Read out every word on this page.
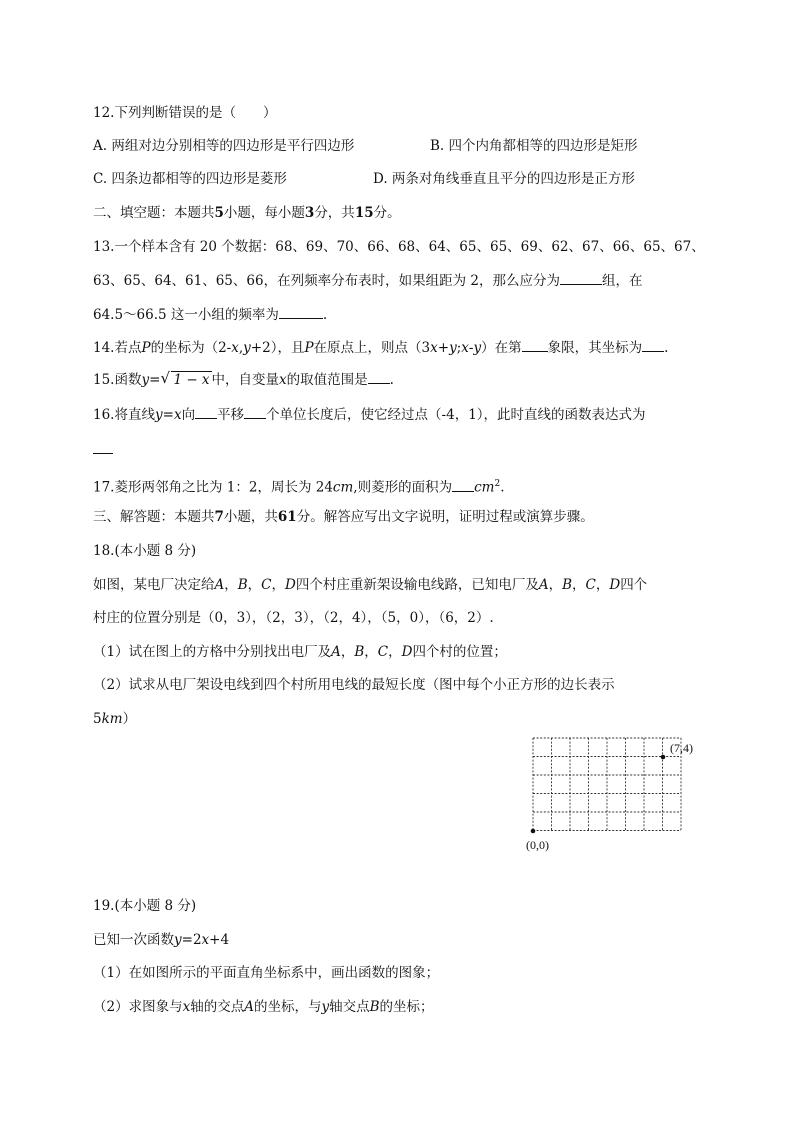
12.下列判断错误的是（　　）
A. 两组对边分别相等的四边形是平行四边形	B. 四个内角都相等的四边形是矩形
C. 四条边都相等的四边形是菱形	D. 两条对角线垂直且平分的四边形是正方形
二、填空题：本题共5小题，每小题3分，共15分。
13.一个样本含有 20 个数据：68、69、70、66、68、64、65、65、69、62、67、66、65、67、
63、65、64、61、65、66，在列频率分布表时，如果组距为 2，那么应分为	组，在
64.5～66.5 这一小组的频率为	.
14.若点P的坐标为（2-x,y+2），且P在原点上，则点（3x+y;x-y）在第 象限，其坐标为 .
15.函数y= √ 1 − x 中，自变量x的取值范围是 .
16.将直线y=x向 平移 个单位长度后，使它经过点（-4，1），此时直线的函数表达式为
17.菱形两邻角之比为 1：2，周长为 24cm,则菱形的面积为 $cm^2$.
三、解答题：本题共7小题，共61分。解答应写出文字说明，证明过程或演算步骤。
18.(本小题 8 分)
如图，某电厂决定给A，B，C，D四个村庄重新架设输电线路，已知电厂及A，B，C，D四个
村庄的位置分别是（0，3），（2，3），（2，4），（5，0），（6，2）.
（1）试在图上的方格中分别找出电厂及A，B，C，D四个村的位置；
（2）试求从电厂架设电线到四个村所用电线的最短长度（图中每个小正方形的边长表示
5km）
(7,4)
(0,0)
19.(本小题 8 分)
已知一次函数y=2x+4
（1）在如图所示的平面直角坐标系中，画出函数的图象；
（2）求图象与x轴的交点A的坐标，与y轴交点B的坐标；
